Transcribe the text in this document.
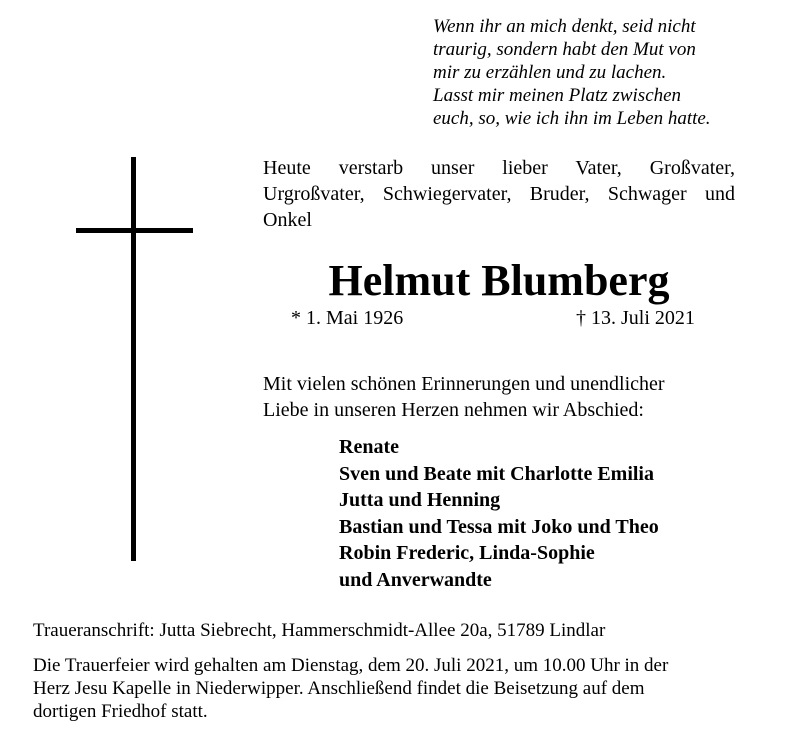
Wenn ihr an mich denkt, seid nicht
traurig, sondern habt den Mut von
mir zu erzählen und zu lachen.
Lasst mir meinen Platz zwischen
euch, so, wie ich ihn im Leben hatte.
Heute verstarb unser lieber Vater, Großvater,
Urgroßvater, Schwiegervater, Bruder, Schwager und
Onkel
Helmut Blumberg
* 1. Mai 1926	† 13. Juli 2021
Mit vielen schönen Erinnerungen und unendlicher
Liebe in unseren Herzen nehmen wir Abschied:
Renate
Sven und Beate mit Charlotte Emilia
Jutta und Henning
Bastian und Tessa mit Joko und Theo
Robin Frederic, Linda-Sophie
und Anverwandte
Traueranschrift: Jutta Siebrecht, Hammerschmidt-Allee 20a, 51789 Lindlar
Die Trauerfeier wird gehalten am Dienstag, dem 20. Juli 2021, um 10.00 Uhr in der
Herz Jesu Kapelle in Niederwipper. Anschließend findet die Beisetzung auf dem
dortigen Friedhof statt.
